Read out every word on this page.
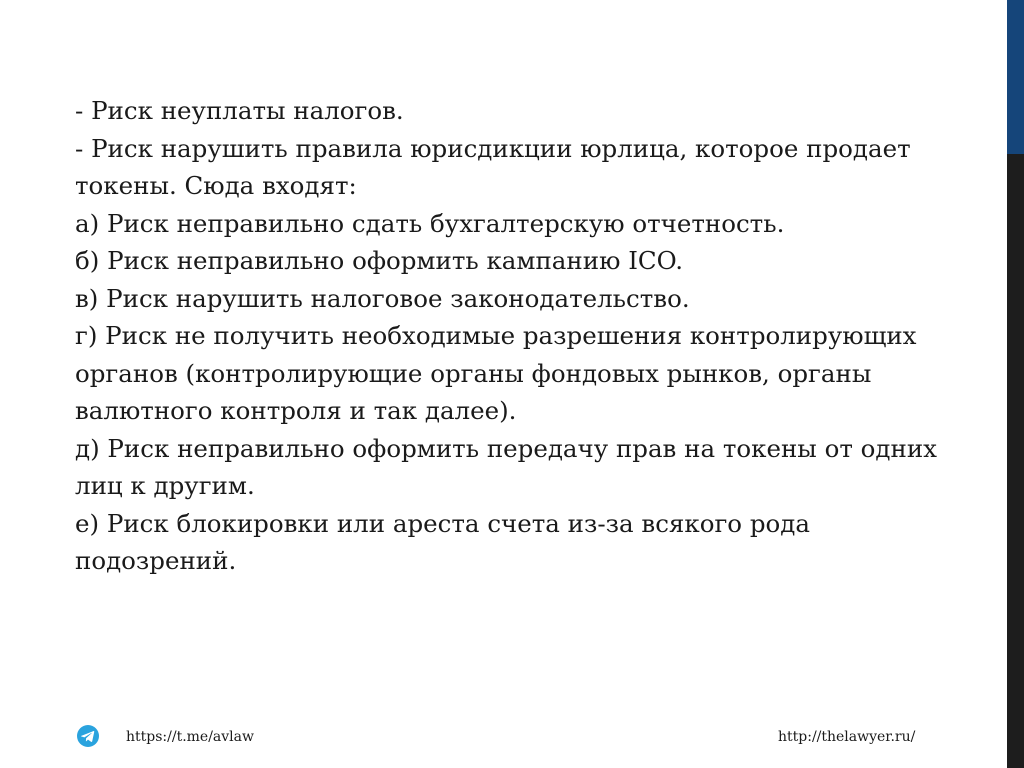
- Риск неуплаты налогов.
- Риск нарушить правила юрисдикции юрлица, которое продает
токены. Сюда входят:
а) Риск неправильно сдать бухгалтерскую отчетность.
б) Риск неправильно оформить кампанию ICO.
в) Риск нарушить налоговое законодательство.
г) Риск не получить необходимые разрешения контролирующих
органов (контролирующие органы фондовых рынков, органы
валютного контроля и так далее).
д) Риск неправильно оформить передачу прав на токены от одних
лиц к другим.
е) Риск блокировки или ареста счета из-за всякого рода
подозрений.
https://t.me/avlaw	http://thelawyer.ru/
